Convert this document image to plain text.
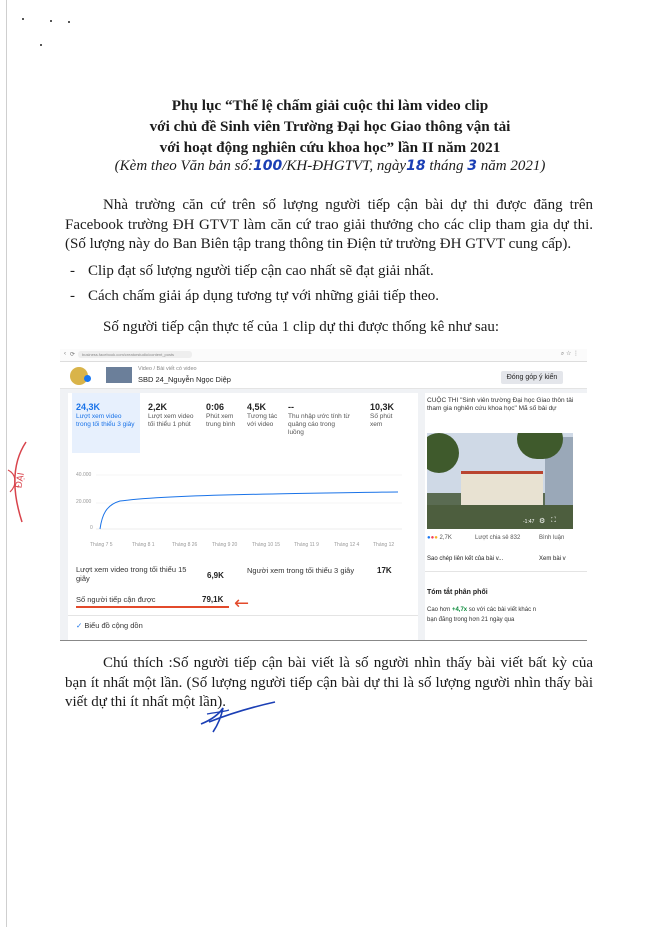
Phụ lục “Thể lệ chấm giải cuộc thi làm video clip
với chủ đề Sinh viên Trường Đại học Giao thông vận tải
với hoạt động nghiên cứu khoa học” lần II năm 2021
(Kèm theo Văn bản số:100/KH-ĐHGTVT, ngày18 tháng 3 năm 2021)
Nhà trường căn cứ trên số lượng người tiếp cận bài dự thi được đăng trên Facebook trường ĐH GTVT làm căn cứ trao giải thưởng cho các clip tham gia dự thi. (Số lượng này do Ban Biên tập trang thông tin Điện tử trường ĐH GTVT cung cấp).
- Clip đạt số lượng người tiếp cận cao nhất sẽ đạt giải nhất.
- Cách chấm giải áp dụng tương tự với những giải tiếp theo.
Số người tiếp cận thực tế của 1 clip dự thi được thống kê như sau:
ĐẠI
‹ ⟳	business.facebook.com/creatorstudio/content_posts	⌕ ☆ ⋮
Video / Bài viết có video
SBD 24_Nguyễn Ngọc Diệp	Đóng góp ý kiến
24,3K
Lượt xem video trong tối thiểu 3 giây
2,2K
Lượt xem video tối thiểu 1 phút
0:06
Phút xem trung bình
4,5K
Tương tác với video
--
Thu nhập ước tính từ quảng cáo trong luồng
10,3K
Số phút xem
40.000
20.000
0
Tháng 7 5	Tháng 8 1	Tháng 8 26	Tháng 9 20	Tháng 10 15	Tháng 11 9	Tháng 12 4	Tháng 12
Lượt xem video trong tối thiểu 15 giây	6,9K
Người xem trong tối thiểu 3 giây	17K
Số người tiếp cận được	79,1K ←
✓ Biểu đồ cộng dồn
CUỘC THI "Sinh viên trường Đại học Giao thôn tải tham gia nghiên cứu khoa học" Mã số bài dự
-1:47 ⚙ ⛶
●●● 2,7K	Lượt chia sẻ 832	Bình luận
Sao chép liên kết của bài v...	Xem bài v
Tóm tắt phân phối
Cao hơn +4,7x so với các bài viết khác n
bạn đăng trong hơn 21 ngày qua
Chú thích :Số người tiếp cận bài viết là số người nhìn thấy bài viết bất kỳ của bạn ít nhất một lần. (Số lượng người tiếp cận bài dự thi là số lượng người nhìn thấy bài viết dự thi ít nhất một lần).
